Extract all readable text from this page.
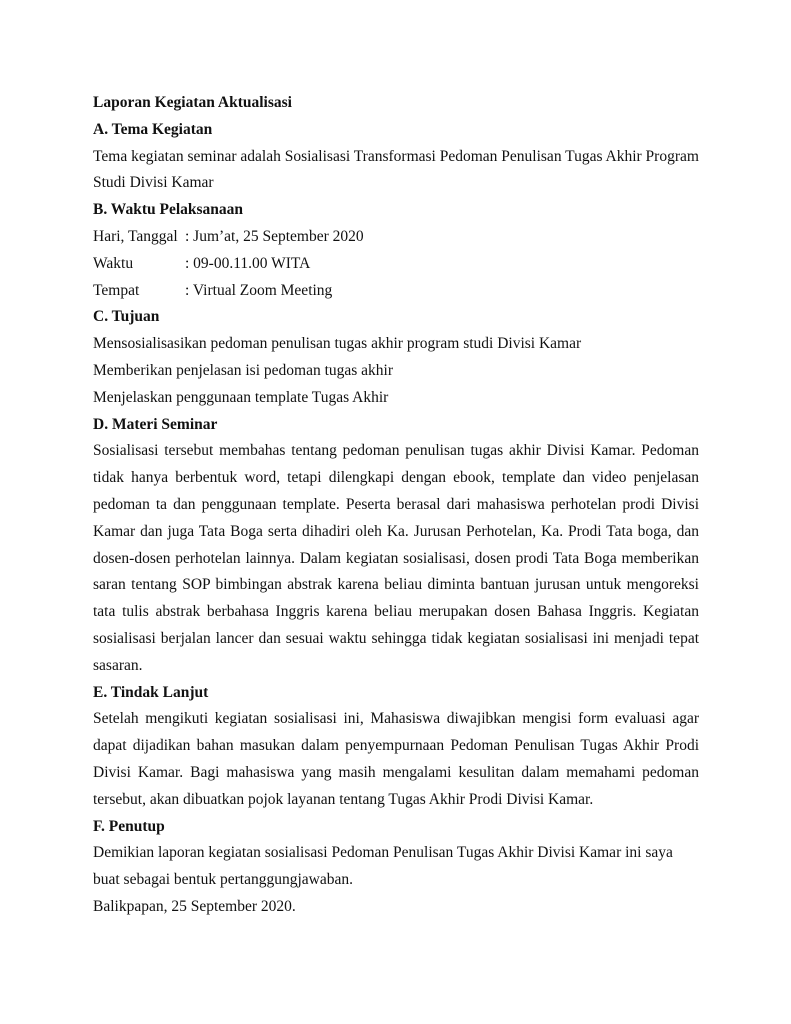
Laporan Kegiatan Aktualisasi

A. Tema Kegiatan

Tema kegiatan seminar adalah Sosialisasi Transformasi Pedoman Penulisan Tugas Akhir Program Studi Divisi Kamar

B. Waktu Pelaksanaan

Hari, Tanggal : Jum’at, 25 September 2020
Waktu	: 09-00.11.00 WITA
Tempat	: Virtual Zoom Meeting

C. Tujuan

Mensosialisasikan pedoman penulisan tugas akhir program studi Divisi Kamar

Memberikan penjelasan isi pedoman tugas akhir

Menjelaskan penggunaan template Tugas Akhir

D. Materi Seminar

Sosialisasi tersebut membahas tentang pedoman penulisan tugas akhir Divisi Kamar. Pedoman tidak hanya berbentuk word, tetapi dilengkapi dengan ebook, template dan video penjelasan pedoman ta dan penggunaan template. Peserta berasal dari mahasiswa perhotelan prodi Divisi Kamar dan juga Tata Boga serta dihadiri oleh Ka. Jurusan Perhotelan, Ka. Prodi Tata boga, dan dosen-dosen perhotelan lainnya. Dalam kegiatan sosialisasi, dosen prodi Tata Boga memberikan saran tentang SOP bimbingan abstrak karena beliau diminta bantuan jurusan untuk mengoreksi tata tulis abstrak berbahasa Inggris karena beliau merupakan dosen Bahasa Inggris. Kegiatan sosialisasi berjalan lancer dan sesuai waktu sehingga tidak kegiatan sosialisasi ini menjadi tepat sasaran.

E. Tindak Lanjut

Setelah mengikuti kegiatan sosialisasi ini, Mahasiswa diwajibkan mengisi form evaluasi agar dapat dijadikan bahan masukan dalam penyempurnaan Pedoman Penulisan Tugas Akhir Prodi Divisi Kamar. Bagi mahasiswa yang masih mengalami kesulitan dalam memahami pedoman tersebut, akan dibuatkan pojok layanan tentang Tugas Akhir Prodi Divisi Kamar.

F. Penutup

Demikian laporan kegiatan sosialisasi Pedoman Penulisan Tugas Akhir Divisi Kamar ini saya buat sebagai bentuk pertanggungjawaban.

Balikpapan, 25 September 2020.
